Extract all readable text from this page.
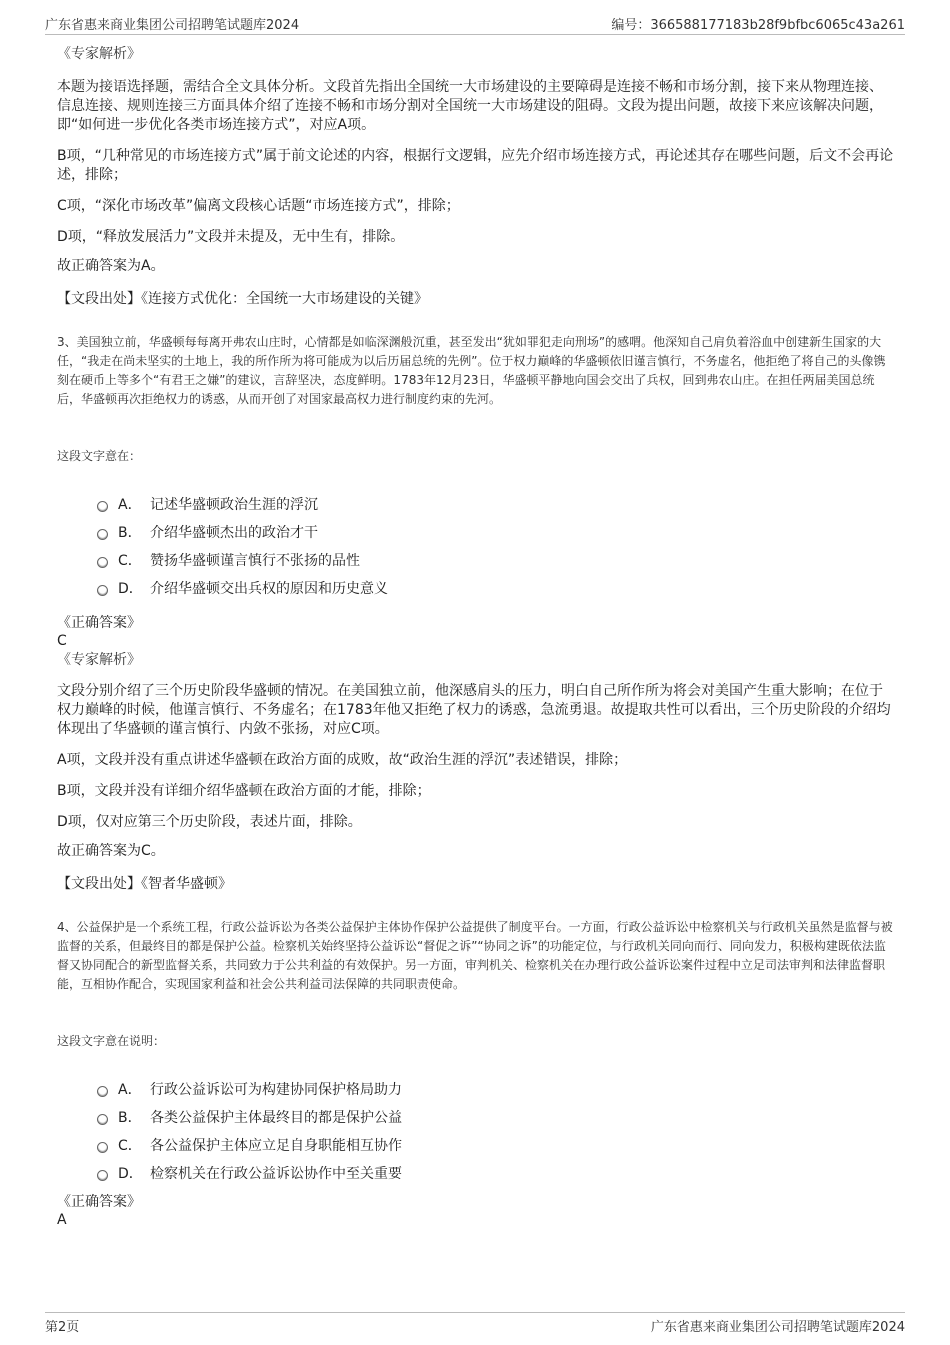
广东省惠来商业集团公司招聘笔试题库2024	编号：366588177183b28f9bfbc6065c43a261
《专家解析》

本题为接语选择题，需结合全文具体分析。文段首先指出全国统一大市场建设的主要障碍是连接不畅和市场分割，接下来从物理连接、信息连接、规则连接三方面具体介绍了连接不畅和市场分割对全国统一大市场建设的阻碍。文段为提出问题，故接下来应该解决问题，即“如何进一步优化各类市场连接方式”，对应A项。

B项，“几种常见的市场连接方式”属于前文论述的内容，根据行文逻辑，应先介绍市场连接方式，再论述其存在哪些问题，后文不会再论述，排除；

C项，“深化市场改革”偏离文段核心话题“市场连接方式”，排除；

D项，“释放发展活力”文段并未提及，无中生有，排除。

故正确答案为A。

【文段出处】《连接方式优化：全国统一大市场建设的关键》

3、美国独立前，华盛顿每每离开弗农山庄时，心情都是如临深渊般沉重，甚至发出“犹如罪犯走向刑场”的感喟。他深知自己肩负着浴血中创建新生国家的大任，“我走在尚未坚实的土地上，我的所作所为将可能成为以后历届总统的先例”。位于权力巅峰的华盛顿依旧谨言慎行，不务虚名，他拒绝了将自己的头像镌刻在硬币上等多个“有君王之嫌”的建议，言辞坚决，态度鲜明。1783年12月23日，华盛顿平静地向国会交出了兵权，回到弗农山庄。在担任两届美国总统后，华盛顿再次拒绝权力的诱惑，从而开创了对国家最高权力进行制度约束的先河。

这段文字意在：

A． 记述华盛顿政治生涯的浮沉
B． 介绍华盛顿杰出的政治才干
C． 赞扬华盛顿谨言慎行不张扬的品性
D． 介绍华盛顿交出兵权的原因和历史意义
《正确答案》
C
《专家解析》

文段分别介绍了三个历史阶段华盛顿的情况。在美国独立前，他深感肩头的压力，明白自己所作所为将会对美国产生重大影响；在位于权力巅峰的时候，他谨言慎行、不务虚名；在1783年他又拒绝了权力的诱惑，急流勇退。故提取共性可以看出，三个历史阶段的介绍均体现出了华盛顿的谨言慎行、内敛不张扬，对应C项。

A项，文段并没有重点讲述华盛顿在政治方面的成败，故“政治生涯的浮沉”表述错误，排除；

B项，文段并没有详细介绍华盛顿在政治方面的才能，排除；

D项，仅对应第三个历史阶段，表述片面，排除。

故正确答案为C。

【文段出处】《智者华盛顿》

4、公益保护是一个系统工程，行政公益诉讼为各类公益保护主体协作保护公益提供了制度平台。一方面，行政公益诉讼中检察机关与行政机关虽然是监督与被监督的关系，但最终目的都是保护公益。检察机关始终坚持公益诉讼“督促之诉”“协同之诉”的功能定位，与行政机关同向而行、同向发力，积极构建既依法监督又协同配合的新型监督关系，共同致力于公共利益的有效保护。另一方面，审判机关、检察机关在办理行政公益诉讼案件过程中立足司法审判和法律监督职能，互相协作配合，实现国家利益和社会公共利益司法保障的共同职责使命。

这段文字意在说明：

A． 行政公益诉讼可为构建协同保护格局助力
B． 各类公益保护主体最终目的都是保护公益
C． 各公益保护主体应立足自身职能相互协作
D． 检察机关在行政公益诉讼协作中至关重要
《正确答案》
A
第2页	广东省惠来商业集团公司招聘笔试题库2024
